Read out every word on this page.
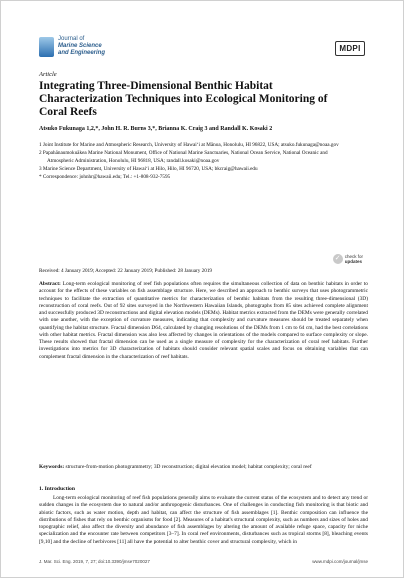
Journal of
Marine Science
and Engineering	MDPI
Article
Integrating Three-Dimensional Benthic Habitat Characterization Techniques into Ecological Monitoring of Coral Reefs
Atsuko Fukunaga 1,2,*, John H. R. Burns 3,*, Brianna K. Craig 3 and Randall K. Kosaki 2

1 Joint Institute for Marine and Atmospheric Research, University of Hawaiʻi at Mānoa, Honolulu, HI 96822, USA; atsuko.fukunaga@noaa.gov

2 Papahānaumokuākea Marine National Monument, Office of National Marine Sanctuaries, National Ocean Service, National Oceanic and Atmospheric Administration, Honolulu, HI 96818, USA; randall.kosaki@noaa.gov

3 Marine Science Department, University of Hawaiʻi at Hilo, Hilo, HI 96720, USA; bkcraig@hawaii.edu

* Correspondence: johnhr@hawaii.edu; Tel.: +1-808-932-7595

✓ check for
updates
Received: 4 January 2019; Accepted: 22 January 2019; Published: 28 January 2019
Abstract: Long-term ecological monitoring of reef fish populations often requires the simultaneous collection of data on benthic habitats in order to account for the effects of these variables on fish assemblage structure. Here, we described an approach to benthic surveys that uses photogrammetric techniques to facilitate the extraction of quantitative metrics for characterization of benthic habitats from the resulting three-dimensional (3D) reconstruction of coral reefs. Out of 92 sites surveyed in the Northwestern Hawaiian Islands, photographs from 85 sites achieved complete alignment and successfully produced 3D reconstructions and digital elevation models (DEMs). Habitat metrics extracted from the DEMs were generally correlated with one another, with the exception of curvature measures, indicating that complexity and curvature measures should be treated separately when quantifying the habitat structure. Fractal dimension D64, calculated by changing resolutions of the DEMs from 1 cm to 64 cm, had the best correlations with other habitat metrics. Fractal dimension was also less affected by changes in orientations of the models compared to surface complexity or slope. These results showed that fractal dimension can be used as a single measure of complexity for the characterization of coral reef habitats. Further investigations into metrics for 3D characterization of habitats should consider relevant spatial scales and focus on obtaining variables that can complement fractal dimension in the characterization of reef habitats.
Keywords: structure-from-motion photogrammetry; 3D reconstruction; digital elevation model; habitat complexity; coral reef
1. Introduction
Long-term ecological monitoring of reef fish populations generally aims to evaluate the current status of the ecosystem and to detect any trend or sudden changes in the ecosystem due to natural and/or anthropogenic disturbances. One of challenges in conducting fish monitoring is that biotic and abiotic factors, such as water motion, depth and habitat, can affect the structure of fish assemblages [1]. Benthic composition can influence the distributions of fishes that rely on benthic organisms for food [2]. Measures of a habitat's structural complexity, such as numbers and sizes of holes and topographic relief, also affect the diversity and abundance of fish assemblages by altering the amount of available refuge space, capacity for niche specialization and the encounter rate between competitors [3–7]. In coral reef environments, disturbances such as tropical storms [8], bleaching events [9,10] and the decline of herbivores [11] all have the potential to alter benthic cover and structural complexity, which in
J. Mar. Sci. Eng. 2019, 7, 27; doi:10.3390/jmse7020027	www.mdpi.com/journal/jmse
